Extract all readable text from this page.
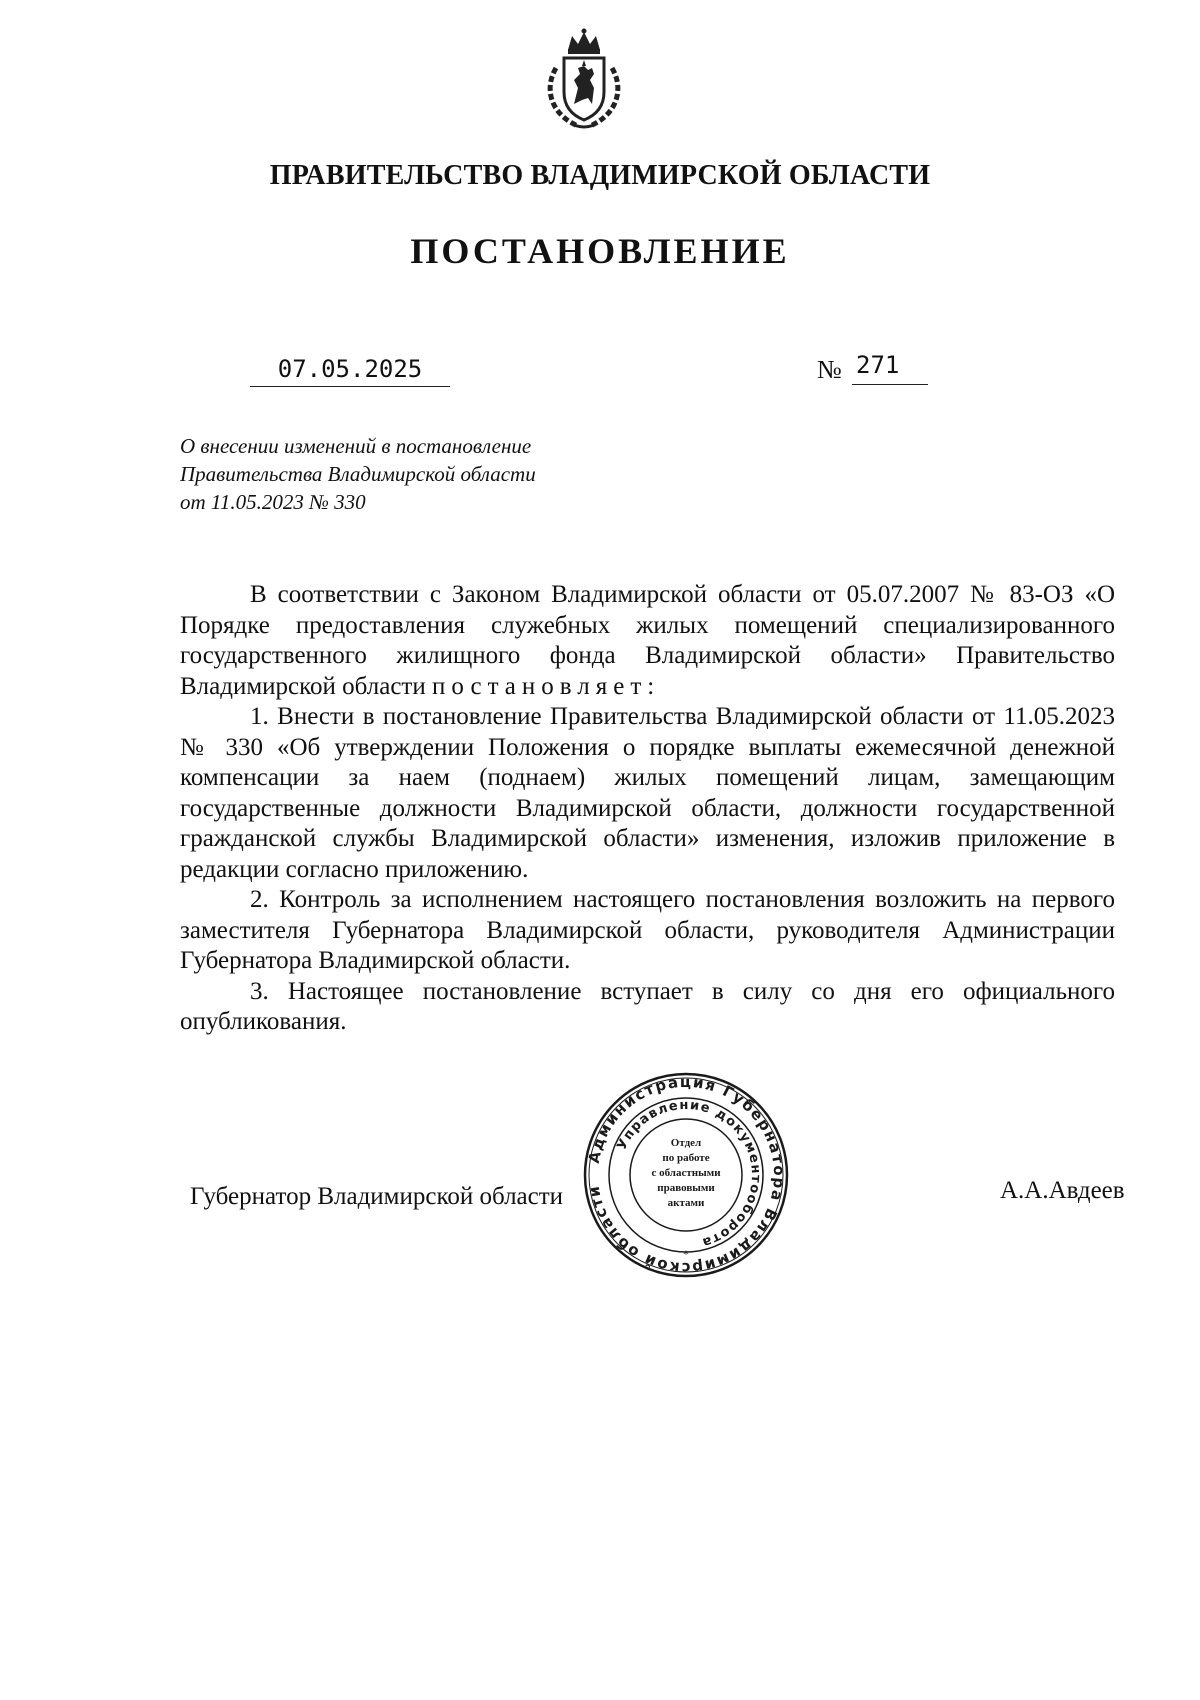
ПРАВИТЕЛЬСТВО ВЛАДИМИРСКОЙ ОБЛАСТИ
ПОСТАНОВЛЕНИЕ
07.05.2025	№ 271
О внесении изменений в постановление
Правительства Владимирской области
от 11.05.2023 № 330

В соответствии с Законом Владимирской области от 05.07.2007 № 83-ОЗ «О Порядке предоставления служебных жилых помещений специализированного государственного жилищного фонда Владимирской области» Правительство Владимирской области постановляет:

1. Внести в постановление Правительства Владимирской области от 11.05.2023 № 330 «Об утверждении Положения о порядке выплаты ежемесячной денежной компенсации за наем (поднаем) жилых помещений лицам, замещающим государственные должности Владимирской области, должности государственной гражданской службы Владимирской области» изменения, изложив приложение в редакции согласно приложению.

2. Контроль за исполнением настоящего постановления возложить на первого заместителя Губернатора Владимирской области, руководителя Администрации Губернатора Владимирской области.

3. Настоящее постановление вступает в силу со дня его официального опубликования.

Губернатор Владимирской области	А.А.Авдеев
Администрация Губернатора Владимирской области
Управление документооборота
Отдел
по работе
с областными
правовыми
актами
*
